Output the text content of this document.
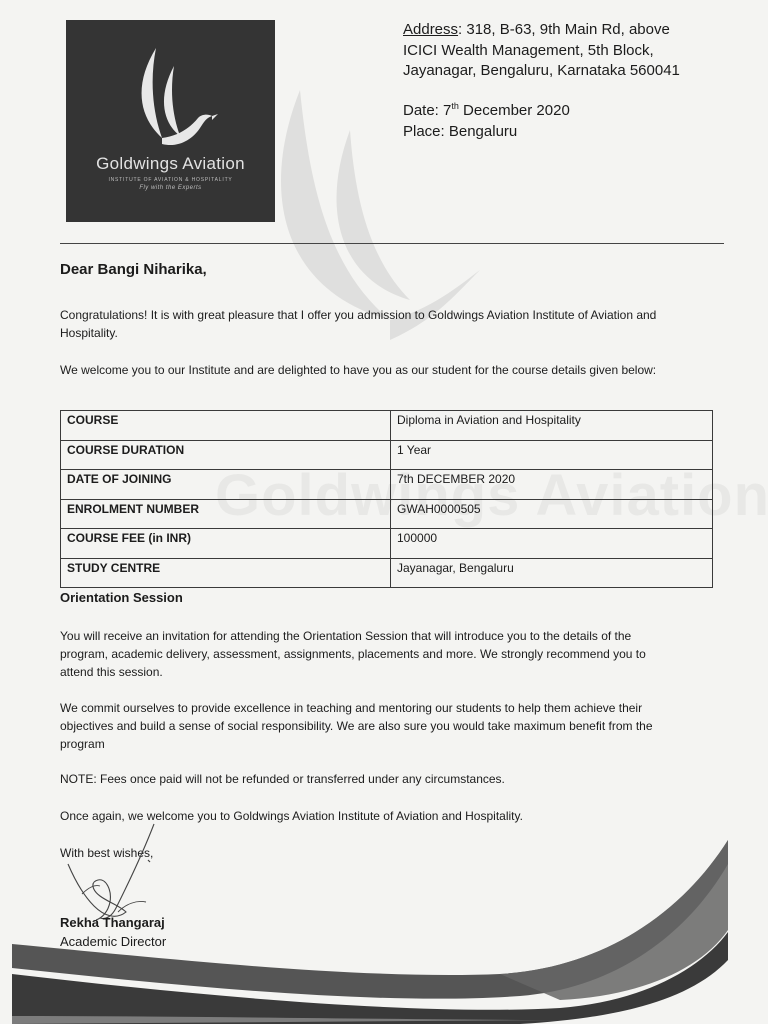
Goldwings Aviation
INSTITUTE OF AVIATION & HOSPITALITY
Fly with the Experts
Address: 318, B-63, 9th Main Rd, above
ICICI Wealth Management, 5th Block,
Jayanagar, Bengaluru, Karnataka 560041
Date: 7th December 2020
Place: Bengaluru
Dear Bangi Niharika,

Congratulations! It is with great pleasure that I offer you admission to Goldwings Aviation Institute of Aviation and Hospitality.

We welcome you to our Institute and are delighted to have you as our student for the course details given below:

COURSE	Diploma in Aviation and Hospitality
COURSE DURATION	1 Year
DATE OF JOINING	7th DECEMBER 2020
ENROLMENT NUMBER	GWAH0000505
COURSE FEE (in INR)	100000
STUDY CENTRE	Jayanagar, Bengaluru
Orientation Session

You will receive an invitation for attending the Orientation Session that will introduce you to the details of the program, academic delivery, assessment, assignments, placements and more. We strongly recommend you to attend this session.

We commit ourselves to provide excellence in teaching and mentoring our students to help them achieve their objectives and build a sense of social responsibility. We are also sure you would take maximum benefit from the program

NOTE: Fees once paid will not be refunded or transferred under any circumstances.

Once again, we welcome you to Goldwings Aviation Institute of Aviation and Hospitality.

With best wishes,

Rekha Thangaraj
Academic Director
